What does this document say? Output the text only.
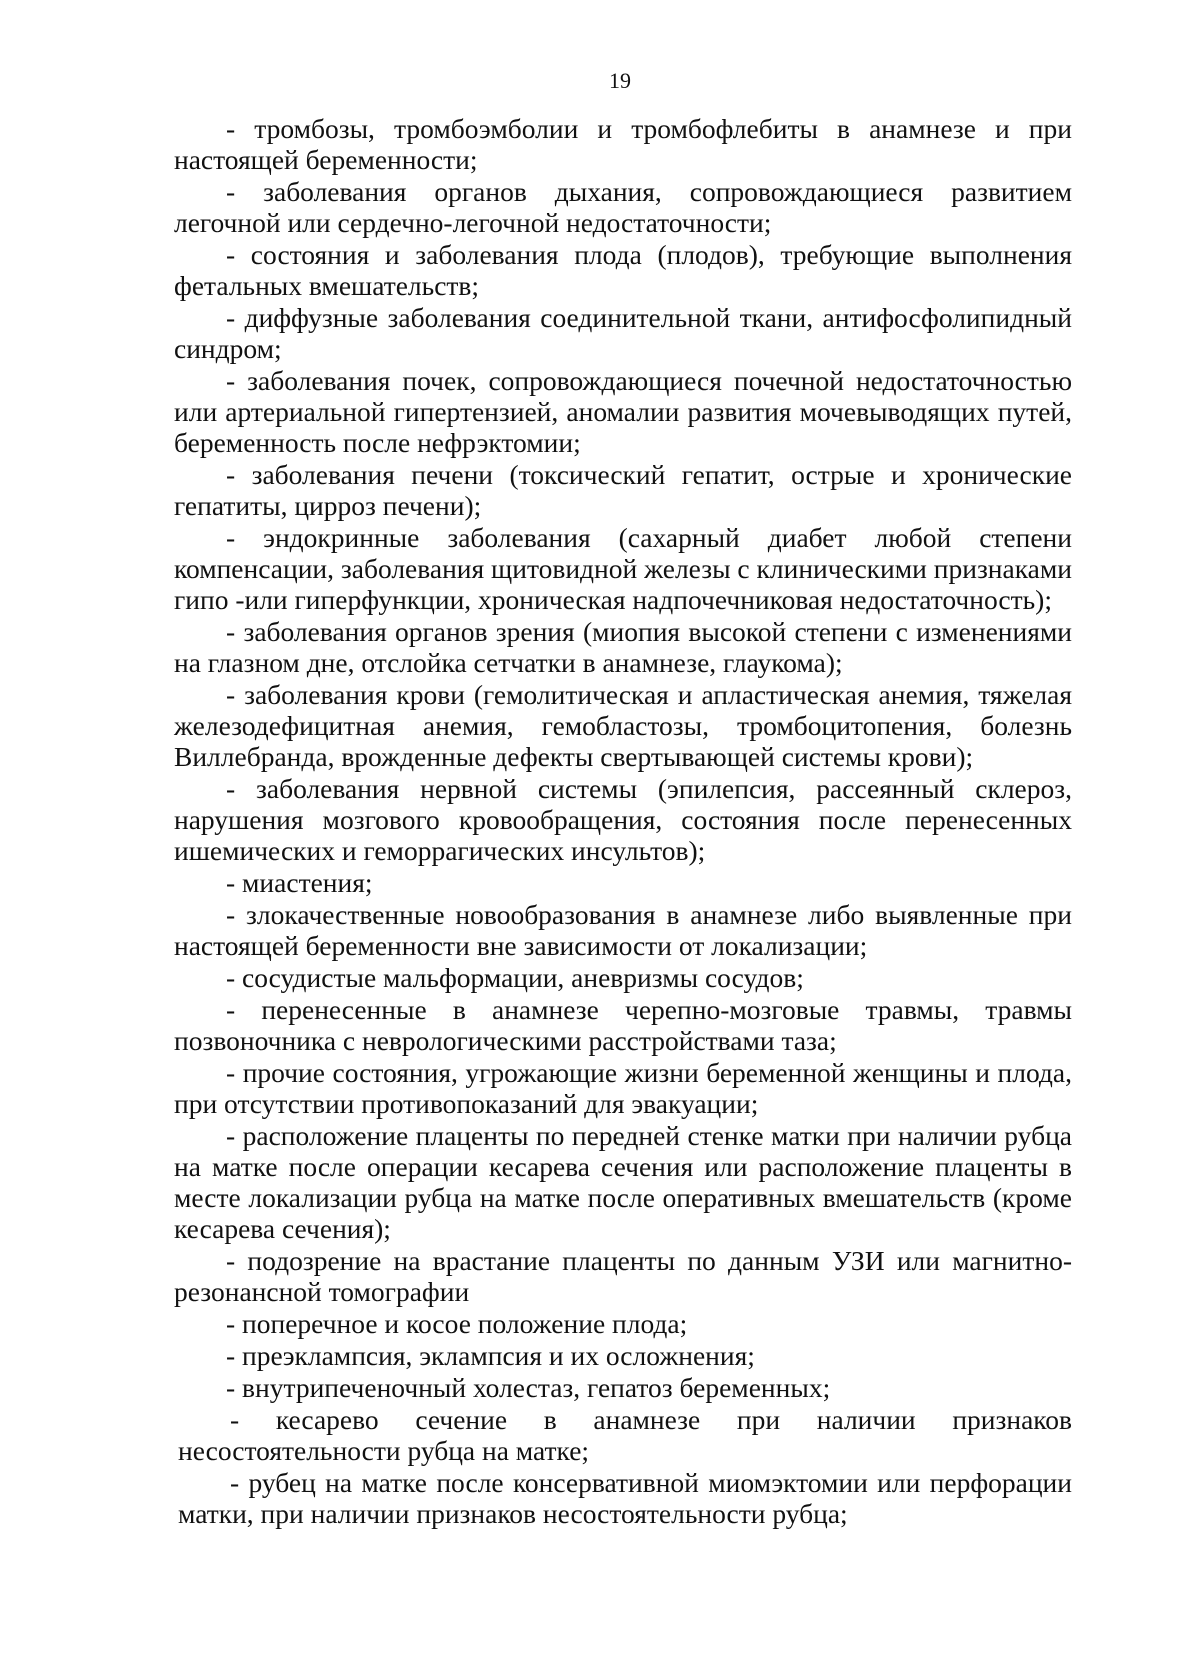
19

- тромбозы, тромбоэмболии и тромбофлебиты в анамнезе и при настоящей беременности;

- заболевания органов дыхания, сопровождающиеся развитием легочной или сердечно-легочной недостаточности;

- состояния и заболевания плода (плодов), требующие выполнения фетальных вмешательств;

- диффузные заболевания соединительной ткани, антифосфолипидный синдром;

- заболевания почек, сопровождающиеся почечной недостаточностью или артериальной гипертензией, аномалии развития мочевыводящих путей, беременность после нефрэктомии;

- заболевания печени (токсический гепатит, острые и хронические гепатиты, цирроз печени);

- эндокринные заболевания (сахарный диабет любой степени компенсации, заболевания щитовидной железы с клиническими признаками гипо -или гиперфункции, хроническая надпочечниковая недостаточность);

- заболевания органов зрения (миопия высокой степени с изменениями на глазном дне, отслойка сетчатки в анамнезе, глаукома);

- заболевания крови (гемолитическая и апластическая анемия, тяжелая железодефицитная анемия, гемобластозы, тромбоцитопения, болезнь Виллебранда, врожденные дефекты свертывающей системы крови);

- заболевания нервной системы (эпилепсия, рассеянный склероз, нарушения мозгового кровообращения, состояния после перенесенных ишемических и геморрагических инсультов);

- миастения;

- злокачественные новообразования в анамнезе либо выявленные при настоящей беременности вне зависимости от локализации;

- сосудистые мальформации, аневризмы сосудов;

- перенесенные в анамнезе черепно-мозговые травмы, травмы позвоночника с неврологическими расстройствами таза;

- прочие состояния, угрожающие жизни беременной женщины и плода, при отсутствии противопоказаний для эвакуации;

- расположение плаценты по передней стенке матки при наличии рубца на матке после операции кесарева сечения или расположение плаценты в месте локализации рубца на матке после оперативных вмешательств (кроме кесарева сечения);

- подозрение на врастание плаценты по данным УЗИ или магнитно-резонансной томографии

- поперечное и косое положение плода;

- преэклампсия, эклампсия и их осложнения;

- внутрипеченочный холестаз, гепатоз беременных;

- кесарево сечение в анамнезе при наличии признаков несостоятельности рубца на матке;

- рубец на матке после консервативной миомэктомии или перфорации матки, при наличии признаков несостоятельности рубца;
